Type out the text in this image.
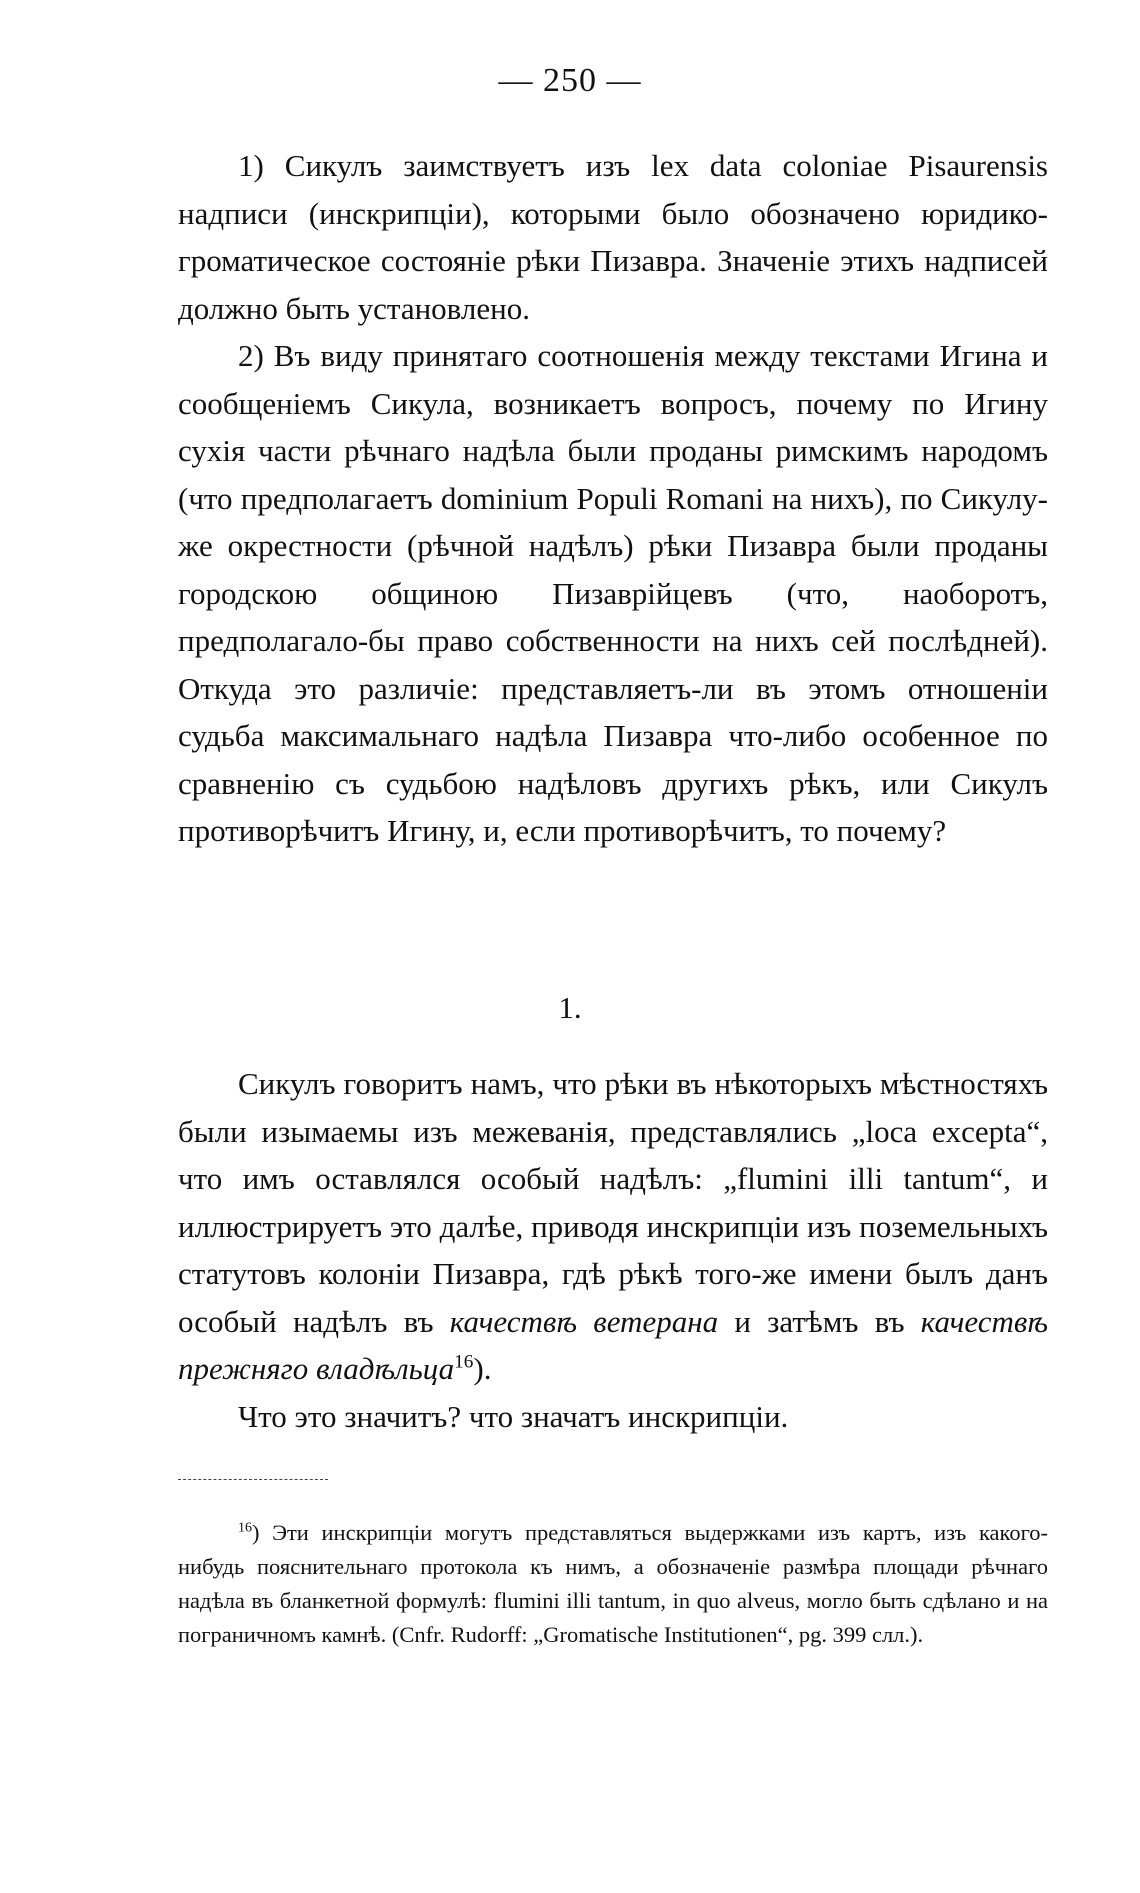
— 250 —

1) Сикулъ заимствуетъ изъ lex data coloniae Pisaurensis надписи (инскрипціи), которыми было обозначено юридико-громатическое состояніе рѣки Пизавра. Значеніе этихъ надписей должно быть установлено.

2) Въ виду принятаго соотношенія между текстами Игина и сообщеніемъ Сикула, возникаетъ вопросъ, почему по Игину сухія части рѣчнаго надѣла были проданы римскимъ народомъ (что предполагаетъ dominium Populi Romani на нихъ), по Сикулу-же окрестности (рѣчной надѣлъ) рѣки Пизавра были проданы городскою общиною Пизаврійцевъ (что, наоборотъ, предполагало-бы право собственности на нихъ сей послѣдней). Откуда это различіе: представляетъ-ли въ этомъ отношеніи судьба максимальнаго надѣла Пизавра что-либо особенное по сравненію съ судьбою надѣловъ другихъ рѣкъ, или Сикулъ противорѣчитъ Игину, и, если противорѣчитъ, то почему?

1.

Сикулъ говоритъ намъ, что рѣки въ нѣкоторыхъ мѣстностяхъ были изымаемы изъ межеванія, представлялись „loca excepta“, что имъ оставлялся особый надѣлъ: „flumini illi tantum“, и иллюстрируетъ это далѣе, приводя инскрипціи изъ поземельныхъ статутовъ колоніи Пизавра, гдѣ рѣкѣ того-же имени былъ данъ особый надѣлъ въ качествѣ ветерана и затѣмъ въ качествѣ прежняго владѣльца$^{16}$).

Что это значитъ? что значатъ инскрипціи.

$^{16}$) Эти инскрипціи могутъ представляться выдержками изъ картъ, изъ какого-нибудь пояснительнаго протокола къ нимъ, а обозначеніе размѣра площади рѣчнаго надѣла въ бланкетной формулѣ: flumini illi tantum, in quo alveus, могло быть сдѣлано и на пограничномъ камнѣ. (Cnfr. Rudorff: „Gromatische Institutionen“, pg. 399 слл.).
